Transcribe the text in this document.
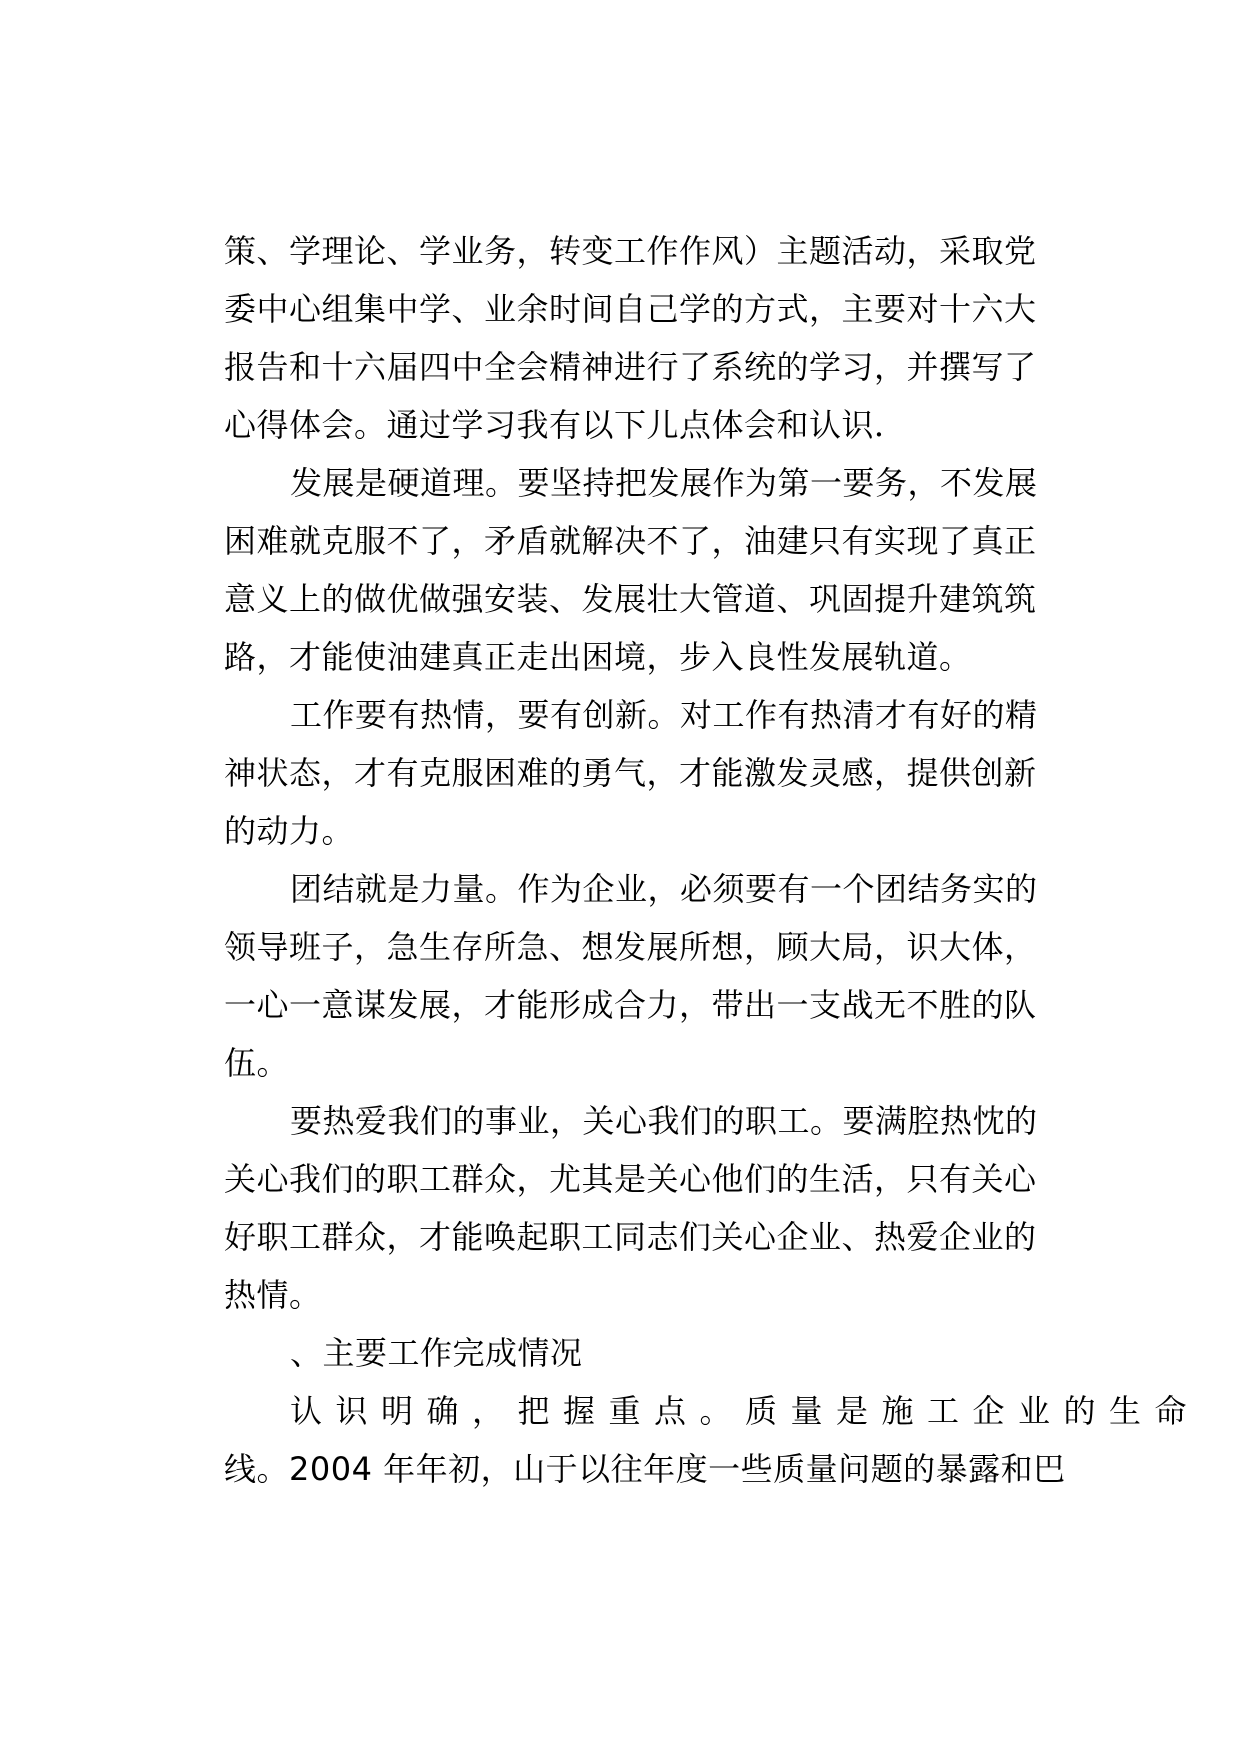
策、学理论、学业务，转变工作作风）主题活动，采取党
委中心组集中学、业余时间自己学的方式，主要对十六大
报告和十六届四中全会精神进行了系统的学习，并撰写了
心得体会。通过学习我有以下儿点体会和认识．

发展是硬道理。要坚持把发展作为第一要务，不发展
困难就克服不了，矛盾就解决不了，油建只有实现了真正
意义上的做优做强安装、发展壮大管道、巩固提升建筑筑
路，才能使油建真正走出困境，步入良性发展轨道。

工作要有热情，要有创新。对工作有热清才有好的精
神状态，才有克服困难的勇气，才能激发灵感，提供创新
的动力。

团结就是力量。作为企业，必须要有一个团结务实的
领导班子，急生存所急、想发展所想，顾大局，识大体，
一心一意谋发展，才能形成合力，带出一支战无不胜的队
伍。

要热爱我们的事业，关心我们的职工。要满腔热忱的
关心我们的职工群众，尤其是关心他们的生活，只有关心
好职工群众，才能唤起职工同志们关心企业、热爱企业的
热情。

、主要工作完成情况

认识明确，把握重点。质量是施工企业的生命
线。2004 年年初，山于以往年度一些质量问题的暴露和巴
